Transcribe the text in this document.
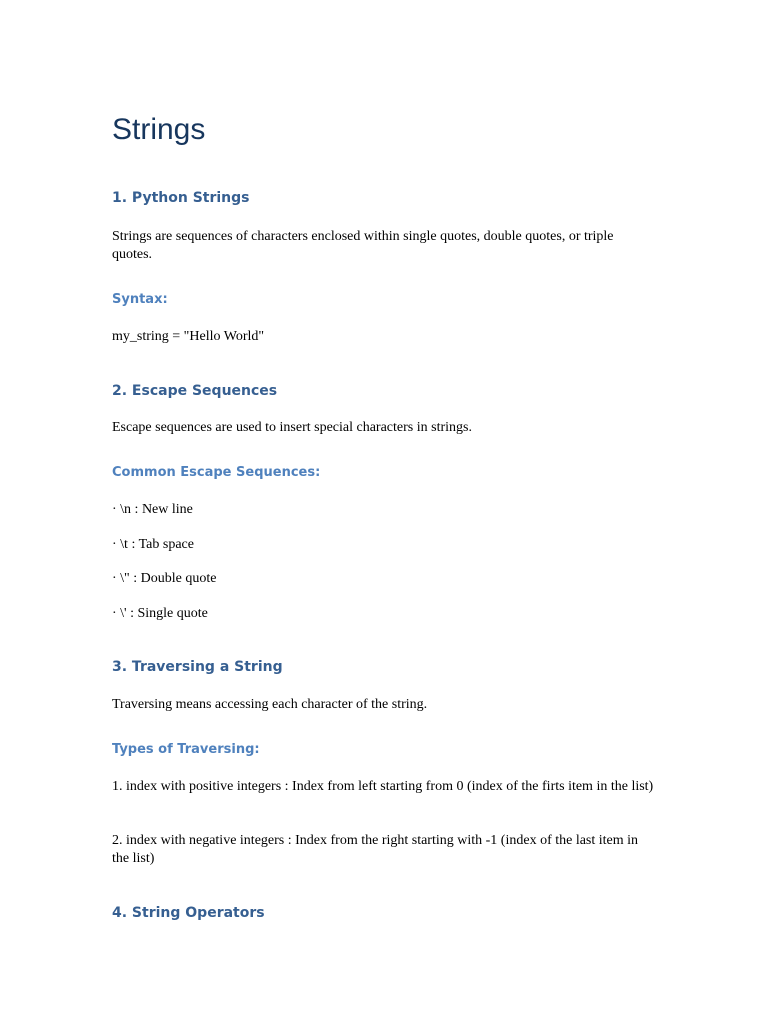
Strings
1. Python Strings

Strings are sequences of characters enclosed within single quotes, double quotes, or triple quotes.

Syntax:

my_string = "Hello World"

2. Escape Sequences

Escape sequences are used to insert special characters in strings.

Common Escape Sequences:

· \n : New line

· \t : Tab space

· \" : Double quote

· \' : Single quote

3. Traversing a String

Traversing means accessing each character of the string.

Types of Traversing:

1. index with positive integers : Index from left starting from 0 (index of the firts item in the list)

2. index with negative integers : Index from the right starting with -1 (index of the last item in the list)

4. String Operators
